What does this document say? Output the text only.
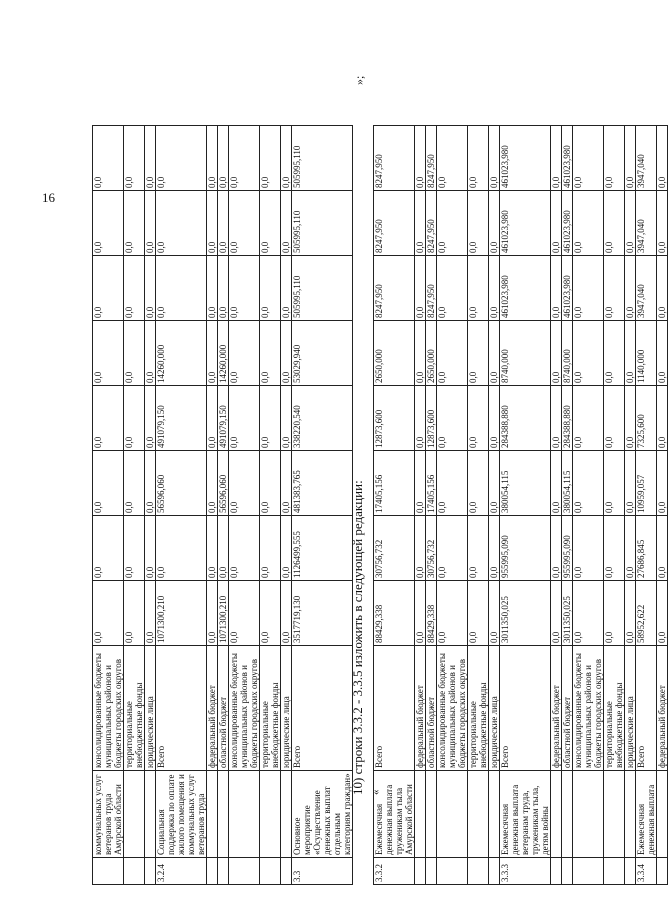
16
	коммунальных услуг ветеранов труда Амурской области	консолидированные бюджеты муниципальных районов и бюджеты городских округов	0,0	0,0	0,0	0,0	0,0	0,0	0,0	0,0
		территориальные внебюджетные фонды	0,0	0,0	0,0	0,0	0,0	0,0	0,0	0,0
		юридические лица	0,0	0,0	0,0	0,0	0,0	0,0	0,0	0,0
3.2.4	Социальная поддержка по оплате жилого помещения и коммунальных услуг ветеранов труда	Всего	1071300,210	0,0	56596,060	491079,150	14260,000	0,0	0,0	0,0
		федеральный бюджет	0,0	0,0	0,0	0,0	0,0	0,0	0,0	0,0
		областной бюджет	1071300,210	0,0	56596,060	491079,150	14260,000	0,0	0,0	0,0
		консолидированные бюджеты муниципальных районов и бюджеты городских округов	0,0	0,0	0,0	0,0	0,0	0,0	0,0	0,0
		территориальные внебюджетные фонды	0,0	0,0	0,0	0,0	0,0	0,0	0,0	0,0
		юридические лица	0,0	0,0	0,0	0,0	0,0	0,0	0,0	0,0
3.3	Основное мероприятие «Осуществление денежных выплат отдельным категориям граждан»	Всего	3517719,130	1126499,555	481383,765	338220,540	53029,940	505995,110	505995,110	505995,110
10) строки 3.3.2 - 3.3.5 изложить в следующей редакции: «
»;
3.3.2	Ежемесячная денежная выплата труженикам тыла Амурской области	Всего	88429,338	30756,732	17405,156	12873,600	2650,000	8247,950	8247,950	8247,950
		федеральный бюджет	0,0	0,0	0,0	0,0	0,0	0,0	0,0	0,0
		областной бюджет	88429,338	30756,732	17405,156	12873,600	2650,000	8247,950	8247,950	8247,950
		консолидированные бюджеты муниципальных районов и бюджеты городских округов	0,0	0,0	0,0	0,0	0,0	0,0	0,0	0,0
		территориальные внебюджетные фонды	0,0	0,0	0,0	0,0	0,0	0,0	0,0	0,0
		юридические лица	0,0	0,0	0,0	0,0	0,0	0,0	0,0	0,0
3.3.3	Ежемесячная денежная выплата ветеранам труда, труженикам тыла, детям войны	Всего	3011350,025	955995,090	380054,115	284388,880	8740,000	461023,980	461023,980	461023,980
		федеральный бюджет	0,0	0,0	0,0	0,0	0,0	0,0	0,0	0,0
		областной бюджет	3011350,025	955995,090	380054,115	284388,880	8740,000	461023,980	461023,980	461023,980
		консолидированные бюджеты муниципальных районов и бюджеты городских округов	0,0	0,0	0,0	0,0	0,0	0,0	0,0	0,0
		территориальные внебюджетные фонды	0,0	0,0	0,0	0,0	0,0	0,0	0,0	0,0
		юридические лица	0,0	0,0	0,0	0,0	0,0	0,0	0,0	0,0
3.3.4	Ежемесячная денежная выплата	Всего	58952,622	27686,845	10959,057	7325,600	1140,000	3947,040	3947,040	3947,040
		федеральный бюджет	0,0	0,0	0,0	0,0	0,0	0,0	0,0	0,0
